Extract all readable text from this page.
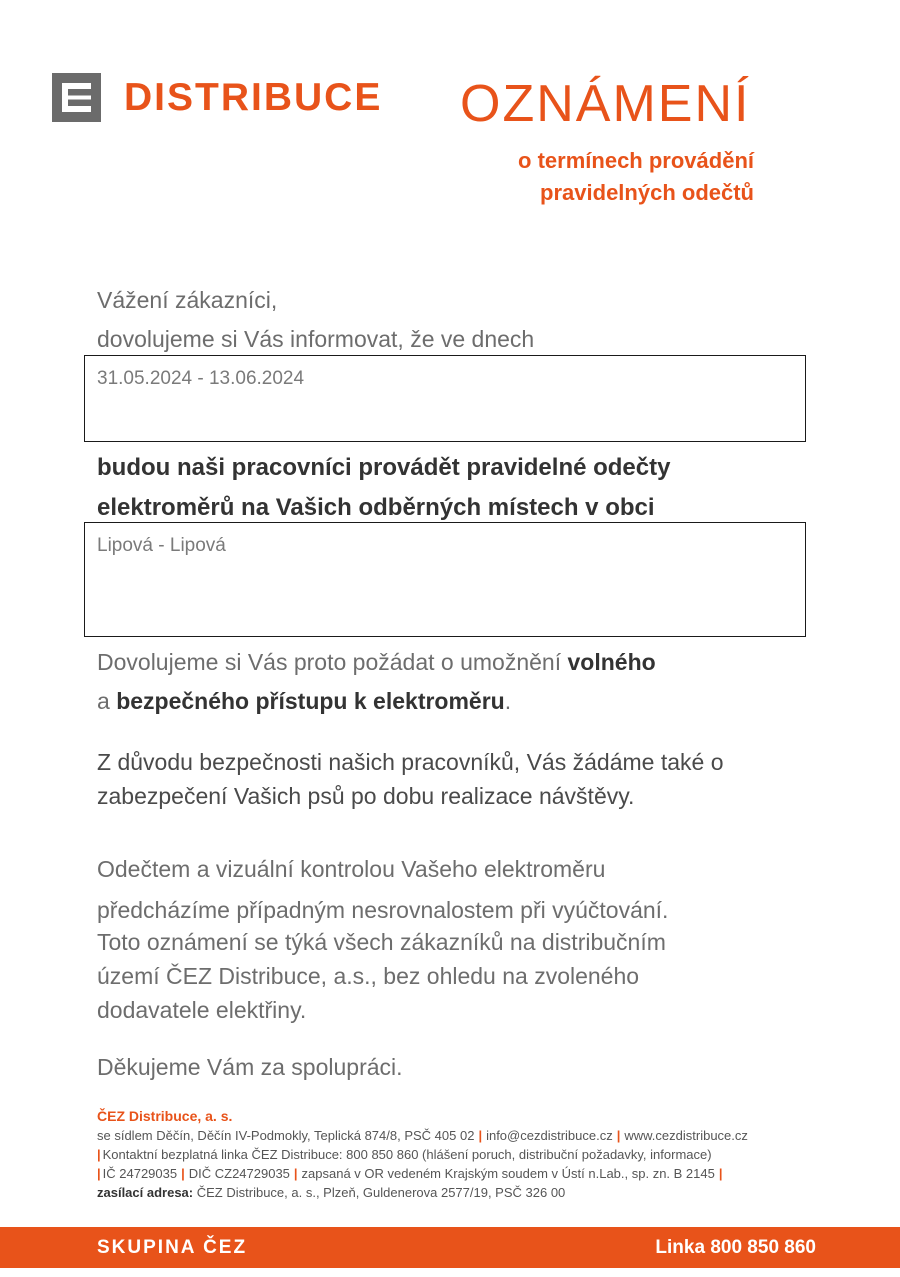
DISTRIBUCE OZNÁMENÍ
o termínech provádění
pravidelných odečtů
Vážení zákazníci,
dovolujeme si Vás informovat, že ve dnech
31.05.2024 - 13.06.2024
budou naši pracovníci provádět pravidelné odečty
elektroměrů na Vašich odběrných místech v obci
Lipová - Lipová
Dovolujeme si Vás proto požádat o umožnění volného
a bezpečného přístupu k elektroměru.
Z důvodu bezpečnosti našich pracovníků, Vás žádáme také o
zabezpečení Vašich psů po dobu realizace návštěvy.
Odečtem a vizuální kontrolou Vašeho elektroměru
předcházíme případným nesrovnalostem při vyúčtování.
Toto oznámení se týká všech zákazníků na distribučním
území ČEZ Distribuce, a.s., bez ohledu na zvoleného
dodavatele elektřiny.
Děkujeme Vám za spolupráci.
ČEZ Distribuce, a. s.
se sídlem Děčín, Děčín IV-Podmokly, Teplická 874/8, PSČ 405 02 | info@cezdistribuce.cz | www.cezdistribuce.cz
| Kontaktní bezplatná linka ČEZ Distribuce: 800 850 860 (hlášení poruch, distribuční požadavky, informace)
| IČ 24729035 | DIČ CZ24729035 | zapsaná v OR vedeném Krajským soudem v Ústí n.Lab., sp. zn. B 2145 |
zasílací adresa: ČEZ Distribuce, a. s., Plzeň, Guldenerova 2577/19, PSČ 326 00
SKUPINA ČEZ	Linka 800 850 860
